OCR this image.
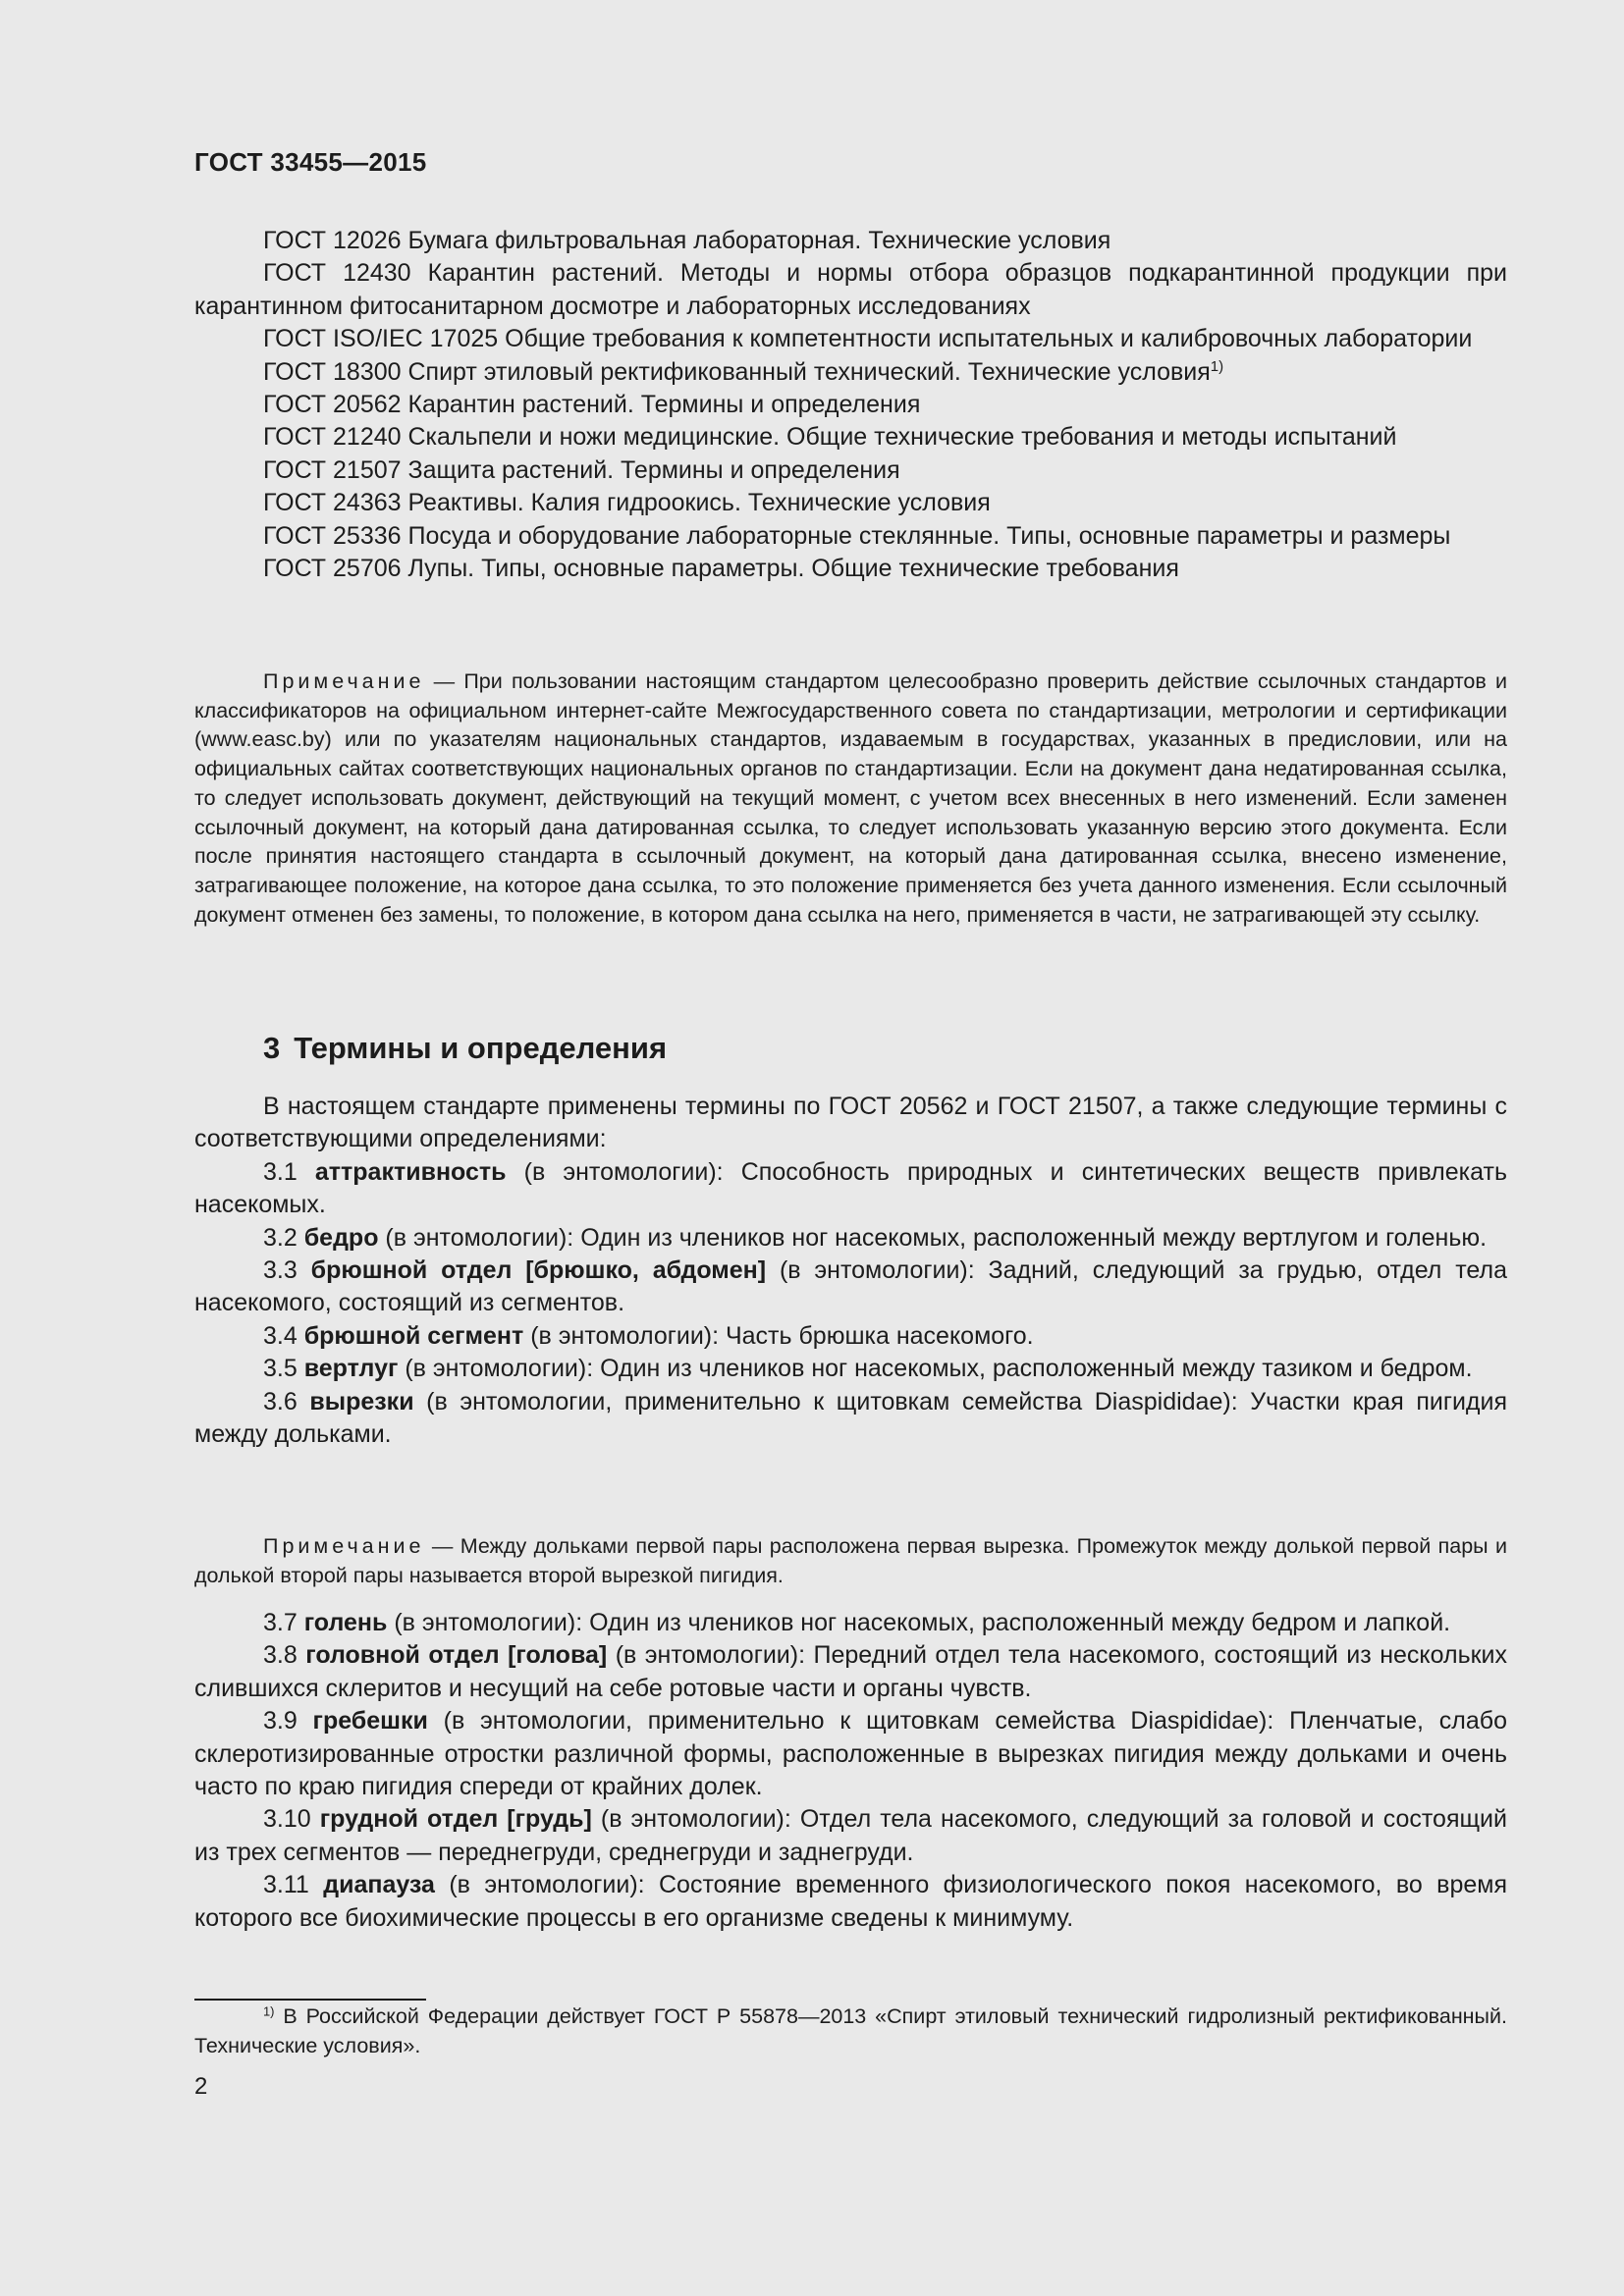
ГОСТ 33455—2015

ГОСТ 12026 Бумага фильтровальная лабораторная. Технические условия

ГОСТ 12430 Карантин растений. Методы и нормы отбора образцов подкарантинной продукции при карантинном фитосанитарном досмотре и лабораторных исследованиях

ГОСТ ISO/IEC 17025 Общие требования к компетентности испытательных и калибровочных лаборатории

ГОСТ 18300 Спирт этиловый ректификованный технический. Технические условия$^{1)}$

ГОСТ 20562 Карантин растений. Термины и определения

ГОСТ 21240 Скальпели и ножи медицинские. Общие технические требования и методы испытаний

ГОСТ 21507 Защита растений. Термины и определения

ГОСТ 24363 Реактивы. Калия гидроокись. Технические условия

ГОСТ 25336 Посуда и оборудование лабораторные стеклянные. Типы, основные параметры и размеры

ГОСТ 25706 Лупы. Типы, основные параметры. Общие технические требования

Примечание — При пользовании настоящим стандартом целесообразно проверить действие ссылочных стандартов и классификаторов на официальном интернет-сайте Межгосударственного совета по стандартизации, метрологии и сертификации (www.easc.by) или по указателям национальных стандартов, издаваемым в государствах, указанных в предисловии, или на официальных сайтах соответствующих национальных органов по стандартизации. Если на документ дана недатированная ссылка, то следует использовать документ, действующий на текущий момент, с учетом всех внесенных в него изменений. Если заменен ссылочный документ, на который дана датированная ссылка, то следует использовать указанную версию этого документа. Если после принятия настоящего стандарта в ссылочный документ, на который дана датированная ссылка, внесено изменение, затрагивающее положение, на которое дана ссылка, то это положение применяется без учета данного изменения. Если ссылочный документ отменен без замены, то положение, в котором дана ссылка на него, применяется в части, не затрагивающей эту ссылку.

3 Термины и определения

В настоящем стандарте применены термины по ГОСТ 20562 и ГОСТ 21507, а также следующие термины с соответствующими определениями:

3.1 аттрактивность (в энтомологии): Способность природных и синтетических веществ привлекать насекомых.

3.2 бедро (в энтомологии): Один из члеников ног насекомых, расположенный между вертлугом и голенью.

3.3 брюшной отдел [брюшко, абдомен] (в энтомологии): Задний, следующий за грудью, отдел тела насекомого, состоящий из сегментов.

3.4 брюшной сегмент (в энтомологии): Часть брюшка насекомого.

3.5 вертлуг (в энтомологии): Один из члеников ног насекомых, расположенный между тазиком и бедром.

3.6 вырезки (в энтомологии, применительно к щитовкам семейства Diaspididae): Участки края пигидия между дольками.

Примечание — Между дольками первой пары расположена первая вырезка. Промежуток между долькой первой пары и долькой второй пары называется второй вырезкой пигидия.

3.7 голень (в энтомологии): Один из члеников ног насекомых, расположенный между бедром и лапкой.

3.8 головной отдел [голова] (в энтомологии): Передний отдел тела насекомого, состоящий из нескольких слившихся склеритов и несущий на себе ротовые части и органы чувств.

3.9 гребешки (в энтомологии, применительно к щитовкам семейства Diaspididae): Пленчатые, слабо склеротизированные отростки различной формы, расположенные в вырезках пигидия между дольками и очень часто по краю пигидия спереди от крайних долек.

3.10 грудной отдел [грудь] (в энтомологии): Отдел тела насекомого, следующий за головой и состоящий из трех сегментов — переднегруди, среднегруди и заднегруди.

3.11 диапауза (в энтомологии): Состояние временного физиологического покоя насекомого, во время которого все биохимические процессы в его организме сведены к минимуму.

$^{1)}$ В Российской Федерации действует ГОСТ Р 55878—2013 «Спирт этиловый технический гидролизный ректификованный. Технические условия».

2
